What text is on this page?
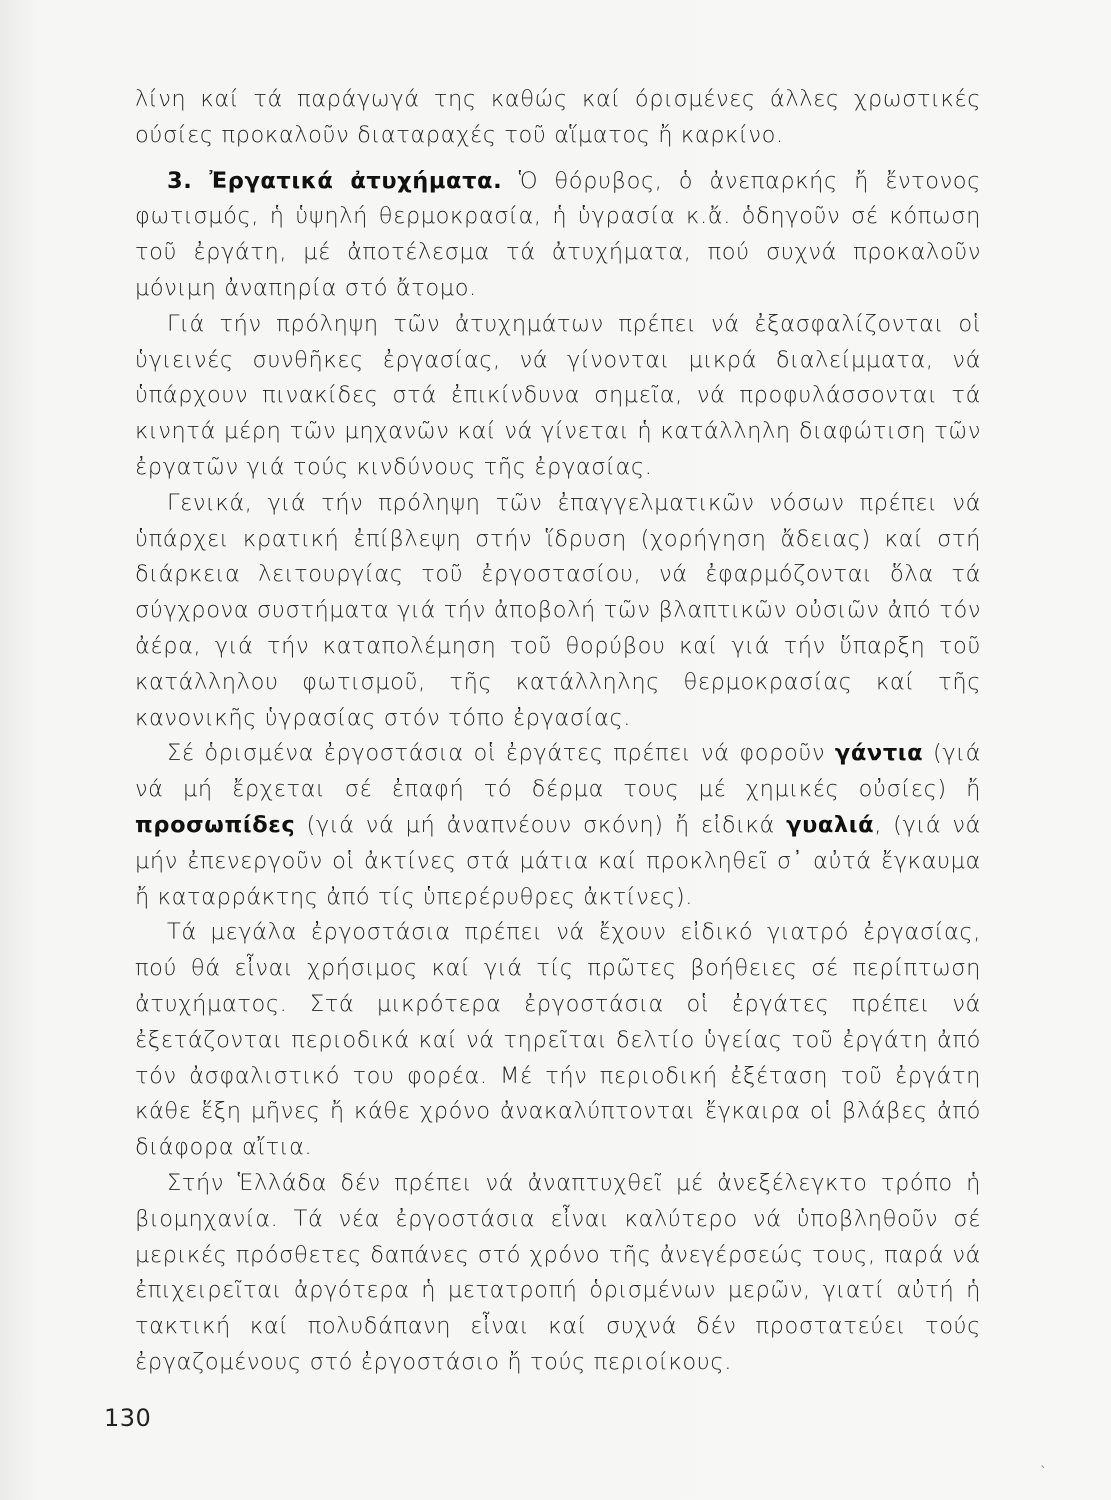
λίνη καί τά παράγωγά της καθώς καί όρισμένες άλλες χρωστικές ούσίες προκαλοῦν διαταραχές τοῦ αἵματος ἤ καρκίνο.

3. Ἐργατικά ἀτυχήματα. Ὁ θόρυβος, ὁ ἀνεπαρκής ἤ ἔντονος φωτισμός, ἡ ὑψηλή θερμοκρασία, ἡ ὑγρασία κ.ἄ. ὁδηγοῦν σέ κόπωση τοῦ ἐργάτη, μέ ἀποτέλεσμα τά ἀτυχήματα, πού συχνά προκαλοῦν μόνιμη ἀναπηρία στό ἄτομο.

Γιά τήν πρόληψη τῶν ἀτυχημάτων πρέπει νά ἐξασφαλίζονται οἱ ὑγιεινές συνθῆκες ἐργασίας, νά γίνονται μικρά διαλείμματα, νά ὑπάρχουν πινακίδες στά ἐπικίνδυνα σημεῖα, νά προφυλάσσονται τά κινητά μέρη τῶν μηχανῶν καί νά γίνεται ἡ κατάλληλη διαφώτιση τῶν ἐργατῶν γιά τούς κινδύνους τῆς ἐργασίας.

Γενικά, γιά τήν πρόληψη τῶν ἐπαγγελματικῶν νόσων πρέπει νά ὑπάρχει κρατική ἐπίβλεψη στήν ἵδρυση (χορήγηση ἄδειας) καί στή διάρκεια λειτουργίας τοῦ ἐργοστασίου, νά ἐφαρμόζονται ὅλα τά σύγχρονα συστήματα γιά τήν ἀποβολή τῶν βλαπτικῶν οὐσιῶν ἀπό τόν ἀέρα, γιά τήν καταπολέμηση τοῦ θορύβου καί γιά τήν ὕπαρξη τοῦ κατάλληλου φωτισμοῦ, τῆς κατάλληλης θερμοκρασίας καί τῆς κανονικῆς ὑγρασίας στόν τόπο ἐργασίας.

Σέ ὁρισμένα ἐργοστάσια οἱ ἐργάτες πρέπει νά φοροῦν γάντια (γιά νά μή ἔρχεται σέ ἐπαφή τό δέρμα τους μέ χημικές οὐσίες) ἤ προσωπίδες (γιά νά μή ἀναπνέουν σκόνη) ἤ εἰδικά γυαλιά, (γιά νά μήν ἐπενεργοῦν οἱ ἀκτίνες στά μάτια καί προκληθεῖ σ᾽ αὐτά ἔγκαυμα ἤ καταρράκτης ἀπό τίς ὑπερέρυθρες ἀκτίνες).

Τά μεγάλα ἐργοστάσια πρέπει νά ἔχουν εἰδικό γιατρό ἐργασίας, πού θά εἶναι χρήσιμος καί γιά τίς πρῶτες βοήθειες σέ περίπτωση ἀτυχήματος. Στά μικρότερα ἐργοστάσια οἱ ἐργάτες πρέπει νά ἐξετάζονται περιοδικά καί νά τηρεῖται δελτίο ὑγείας τοῦ ἐργάτη ἀπό τόν ἀσφαλιστικό του φορέα. Μέ τήν περιοδική ἐξέταση τοῦ ἐργάτη κάθε ἕξη μῆνες ἤ κάθε χρόνο ἀνακαλύπτονται ἔγκαιρα οἱ βλάβες ἀπό διάφορα αἴτια.

Στήν Ἑλλάδα δέν πρέπει νά ἀναπτυχθεῖ μέ ἀνεξέλεγκτο τρόπο ἡ βιομηχανία. Τά νέα ἐργοστάσια εἶναι καλύτερο νά ὑποβληθοῦν σέ μερικές πρόσθετες δαπάνες στό χρόνο τῆς ἀνεγέρσεώς τους, παρά νά ἐπιχειρεῖται ἀργότερα ἡ μετατροπή ὁρισμένων μερῶν, γιατί αὐτή ἡ τακτική καί πολυδάπανη εἶναι καί συχνά δέν προστατεύει τούς ἐργαζομένους στό ἐργοστάσιο ἤ τούς περιοίκους.

130
`
